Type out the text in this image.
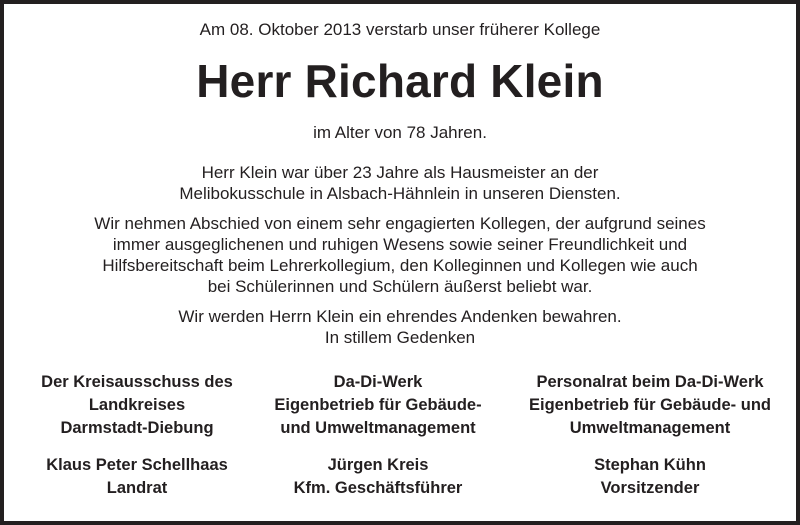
Am 08. Oktober 2013 verstarb unser früherer Kollege
Herr Richard Klein
im Alter von 78 Jahren.
Herr Klein war über 23 Jahre als Hausmeister an der
Melibokusschule in Alsbach-Hähnlein in unseren Diensten.
Wir nehmen Abschied von einem sehr engagierten Kollegen, der aufgrund seines
immer ausgeglichenen und ruhigen Wesens sowie seiner Freundlichkeit und
Hilfsbereitschaft beim Lehrerkollegium, den Kolleginnen und Kollegen wie auch
bei Schülerinnen und Schülern äußerst beliebt war.
Wir werden Herrn Klein ein ehrendes Andenken bewahren.
In stillem Gedenken
Der Kreisausschuss des
Landkreises
Darmstadt-Diebung
Klaus Peter Schellhaas
Landrat
Da-Di-Werk
Eigenbetrieb für Gebäude-
und Umweltmanagement
Jürgen Kreis
Kfm. Geschäftsführer
Personalrat beim Da-Di-Werk
Eigenbetrieb für Gebäude- und
Umweltmanagement
Stephan Kühn
Vorsitzender
